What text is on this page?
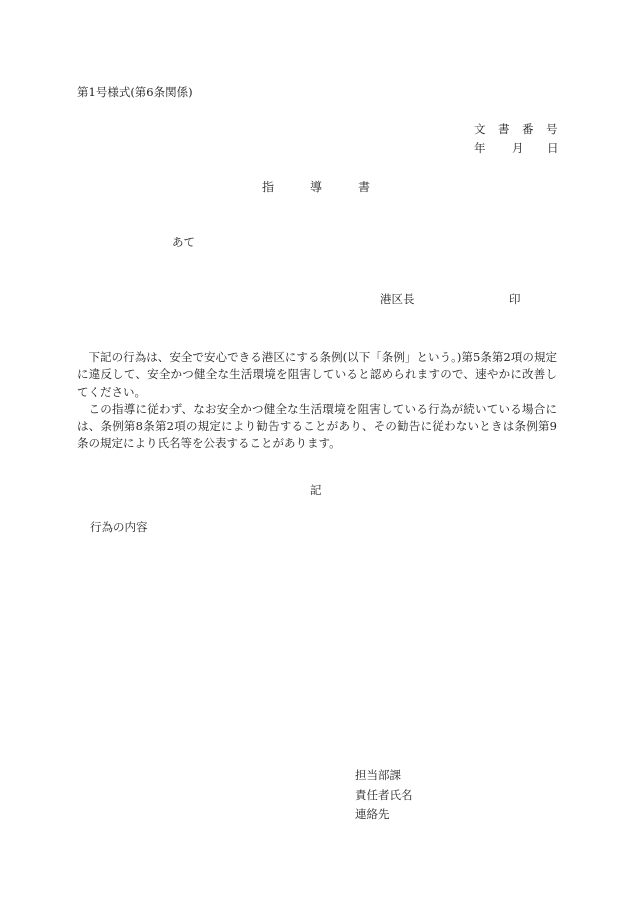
第1号様式(第6条関係)
文 書 番 号
年 月 日
指	導	書
あて
港区長	印

下記の行為は、安全で安心できる港区にする条例(以下「条例」という。)第5条第2項の規定に違反して、安全かつ健全な生活環境を阻害していると認められますので、速やかに改善してください。

この指導に従わず、なお安全かつ健全な生活環境を阻害している行為が続いている場合には、条例第8条第2項の規定により勧告することがあり、その勧告に従わないときは条例第9条の規定により氏名等を公表することがあります。

記
行為の内容
担当部課
責任者氏名
連絡先
